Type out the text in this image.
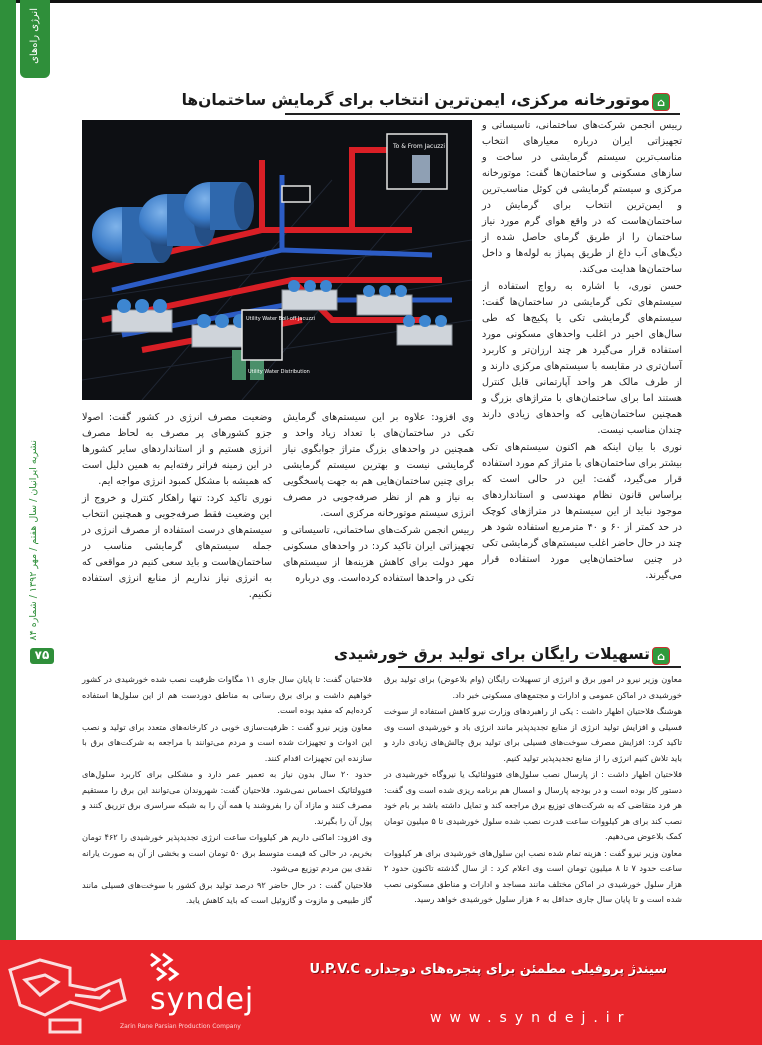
انرژی راه‌های
نشریه ایرانیان / سال هفتم / مهر ۱۳۹۲ / شماره ۸۴
۷۵
⌂
موتورخانه مرکزی، ایمن‌ترین انتخاب برای گرمایش ساختمان‌ها

رییس انجمن شرکت‌های ساختمانی، تاسیساتی و تجهیزاتی ایران درباره معیارهای انتخاب مناسب‌ترین سیستم گرمایشی در ساخت و سازهای مسکونی و ساختمان‌ها گفت: موتورخانه مرکزی و سیستم گرمایشی فن کوئل مناسب‌ترین و ایمن‌ترین انتخاب برای گرمایش در ساختمان‌هاست که در واقع هوای گرم مورد نیاز ساختمان را از طریق گرمای حاصل شده از دیگ‌های آب داغ از طریق پمپاژ به لوله‌ها و داخل ساختمان‌ها هدایت می‌کند.

حسن نوری، با اشاره به رواج استفاده از سیستم‌های تکی گرمایشی در ساختمان‌ها گفت: سیستم‌های گرمایشی تکی یا پکیج‌ها که طی سال‌های اخیر در اغلب واحدهای مسکونی مورد استفاده قرار می‌گیرد هر چند ارزان‌تر و کاربرد آسان‌تری در مقایسه با سیستم‌های مرکزی دارند و از طرف مالک هر واحد آپارتمانی قابل کنترل هستند اما برای ساختمان‌های با متراژهای بزرگ و همچنین ساختمان‌هایی که واحدهای زیادی دارند چندان مناسب نیست.

نوری با بیان اینکه هم اکنون سیستم‌های تکی بیشتر برای ساختمان‌های با متراژ کم مورد استفاده قرار می‌گیرد، گفت: این در حالی است که براساس قانون نظام مهندسی و استانداردهای موجود نباید از این سیستم‌ها در متراژهای کوچک در حد کمتر از ۶۰ و ۴۰ مترمربع استفاده شود هر چند در حال حاضر اغلب سیستم‌های گرمایشی تکی در چنین ساختمان‌هایی مورد استفاده قرار می‌گیرند.

To & From Jacuzzi
Utility Water Boil-off Jacuzzi
Utility Water Distribution

وی افزود: علاوه بر این سیستم‌های گرمایش تکی در ساختمان‌های با تعداد زیاد واحد و همچنین در واحدهای بزرگ متراژ جوابگوی نیاز گرمایشی نیست و بهترین سیستم گرمایشی برای چنین ساختمان‌هایی هم به جهت پاسخگویی به نیاز و هم از نظر صرفه‌جویی در مصرف انرژی سیستم موتورخانه مرکزی است.

رییس انجمن شرکت‌های ساختمانی، تاسیساتی و تجهیزاتی ایران تاکید کرد: در واحدهای مسکونی مهر دولت برای کاهش هزینه‌ها از سیستم‌های تکی در واحدها استفاده کرده‌است. وی درباره

وضعیت مصرف انرژی در کشور گفت: اصولا جزو کشورهای پر مصرف به لحاظ مصرف انرژی هستیم و از استانداردهای سایر کشورها در این زمینه فراتر رفته‌ایم به همین دلیل است که همیشه با مشکل کمبود انرژی مواجه ایم.

نوری تاکید کرد: تنها راهکار کنترل و خروج از این وضعیت فقط صرفه‌جویی و همچنین انتخاب سیستم‌های درست استفاده از مصرف انرژی در جمله سیستم‌های گرمایشی مناسب در ساختمان‌هاست و باید سعی کنیم در مواقعی که به انرژی نیاز نداریم از منابع انرژی استفاده نکنیم.

⌂
تسهیلات رایگان برای تولید برق خورشیدی

معاون وزیر نیرو در امور برق و انرژی از تسهیلات رایگان (وام بلاعوض) برای تولید برق خورشیدی در اماکن عمومی و ادارات و مجتمع‌های مسکونی خبر داد.

هوشنگ فلاحتیان اظهار داشت : یکی از راهبردهای وزارت نیرو کاهش استفاده از سوخت فسیلی و افزایش تولید انرژی از منابع تجدیدپذیر مانند انرژی باد و خورشیدی است وی تاکید کرد: افزایش مصرف سوخت‌های فسیلی برای تولید برق چالش‌های زیادی دارد و باید تلاش کنیم انرژی را از منابع تجدیدپذیر تولید کنیم.

فلاحتیان اظهار داشت : از پارسال نصب سلول‌های فتوولتائیک یا نیروگاه خورشیدی در دستور کار بوده است و در بودجه پارسال و امسال هم برنامه ریزی شده است وی گفت: هر فرد متقاضی که به شرکت‌های توزیع برق مراجعه کند و تمایل داشته باشد بر بام خود نصب کند برای هر کیلووات ساعت قدرت نصب شده سلول خورشیدی تا ۵ میلیون تومان کمک بلاعوض می‌دهیم.

معاون وزیر نیرو گفت : هزینه تمام شده نصب این سلول‌های خورشیدی برای هر کیلووات ساعت حدود ۷ تا ۸ میلیون تومان است وی اعلام کرد : از سال گذشته تاکنون حدود ۲ هزار سلول خورشیدی در اماکن مختلف مانند مساجد و ادارات و مناطق مسکونی نصب شده است و تا پایان سال جاری حداقل به ۶ هزار سلول خورشیدی خواهد رسید.

فلاحتیان گفت: تا پایان سال جاری ۱۱ مگاوات ظرفیت نصب شده خورشیدی در کشور خواهیم داشت و برای برق رسانی به مناطق دوردست هم از این سلول‌ها استفاده کرده‌ایم که مفید بوده است.

معاون وزیر نیرو گفت : ظرفیت‌سازی خوبی در کارخانه‌های متعدد برای تولید و نصب این ادوات و تجهیزات شده است و مردم می‌توانند با مراجعه به شرکت‌های برق با سازنده این تجهیزات اقدام کنند.

حدود ۲۰ سال بدون نیاز به تعمیر عمر دارد و مشکلی برای کاربرد سلول‌های فتوولتائیک احساس نمی‌شود. فلاحتیان گفت: شهروندان می‌توانند این برق را مستقیم مصرف کنند و مازاد آن را بفروشند یا همه آن را به شبکه سراسری برق تزریق کنند و پول آن را بگیرند.

وی افزود: اماکنی داریم هر کیلووات ساعت انرژی تجدیدپذیر خورشیدی را ۴۶۲ تومان بخریم، در حالی که قیمت متوسط برق ۵۰ تومان است و بخشی از آن به صورت یارانه نقدی بین مردم توزیع می‌شود.

فلاحتیان گفت : در حال حاضر ۹۲ درصد تولید برق کشور با سوخت‌های فسیلی مانند گاز طبیعی و مازوت و گازوئیل است که باید کاهش یابد.

syndej
Zarin Rane Parsian Production Company
سیندژ پروفیلی مطمئن برای پنجره‌های دوجداره U.P.V.C
www.syndej.ir
